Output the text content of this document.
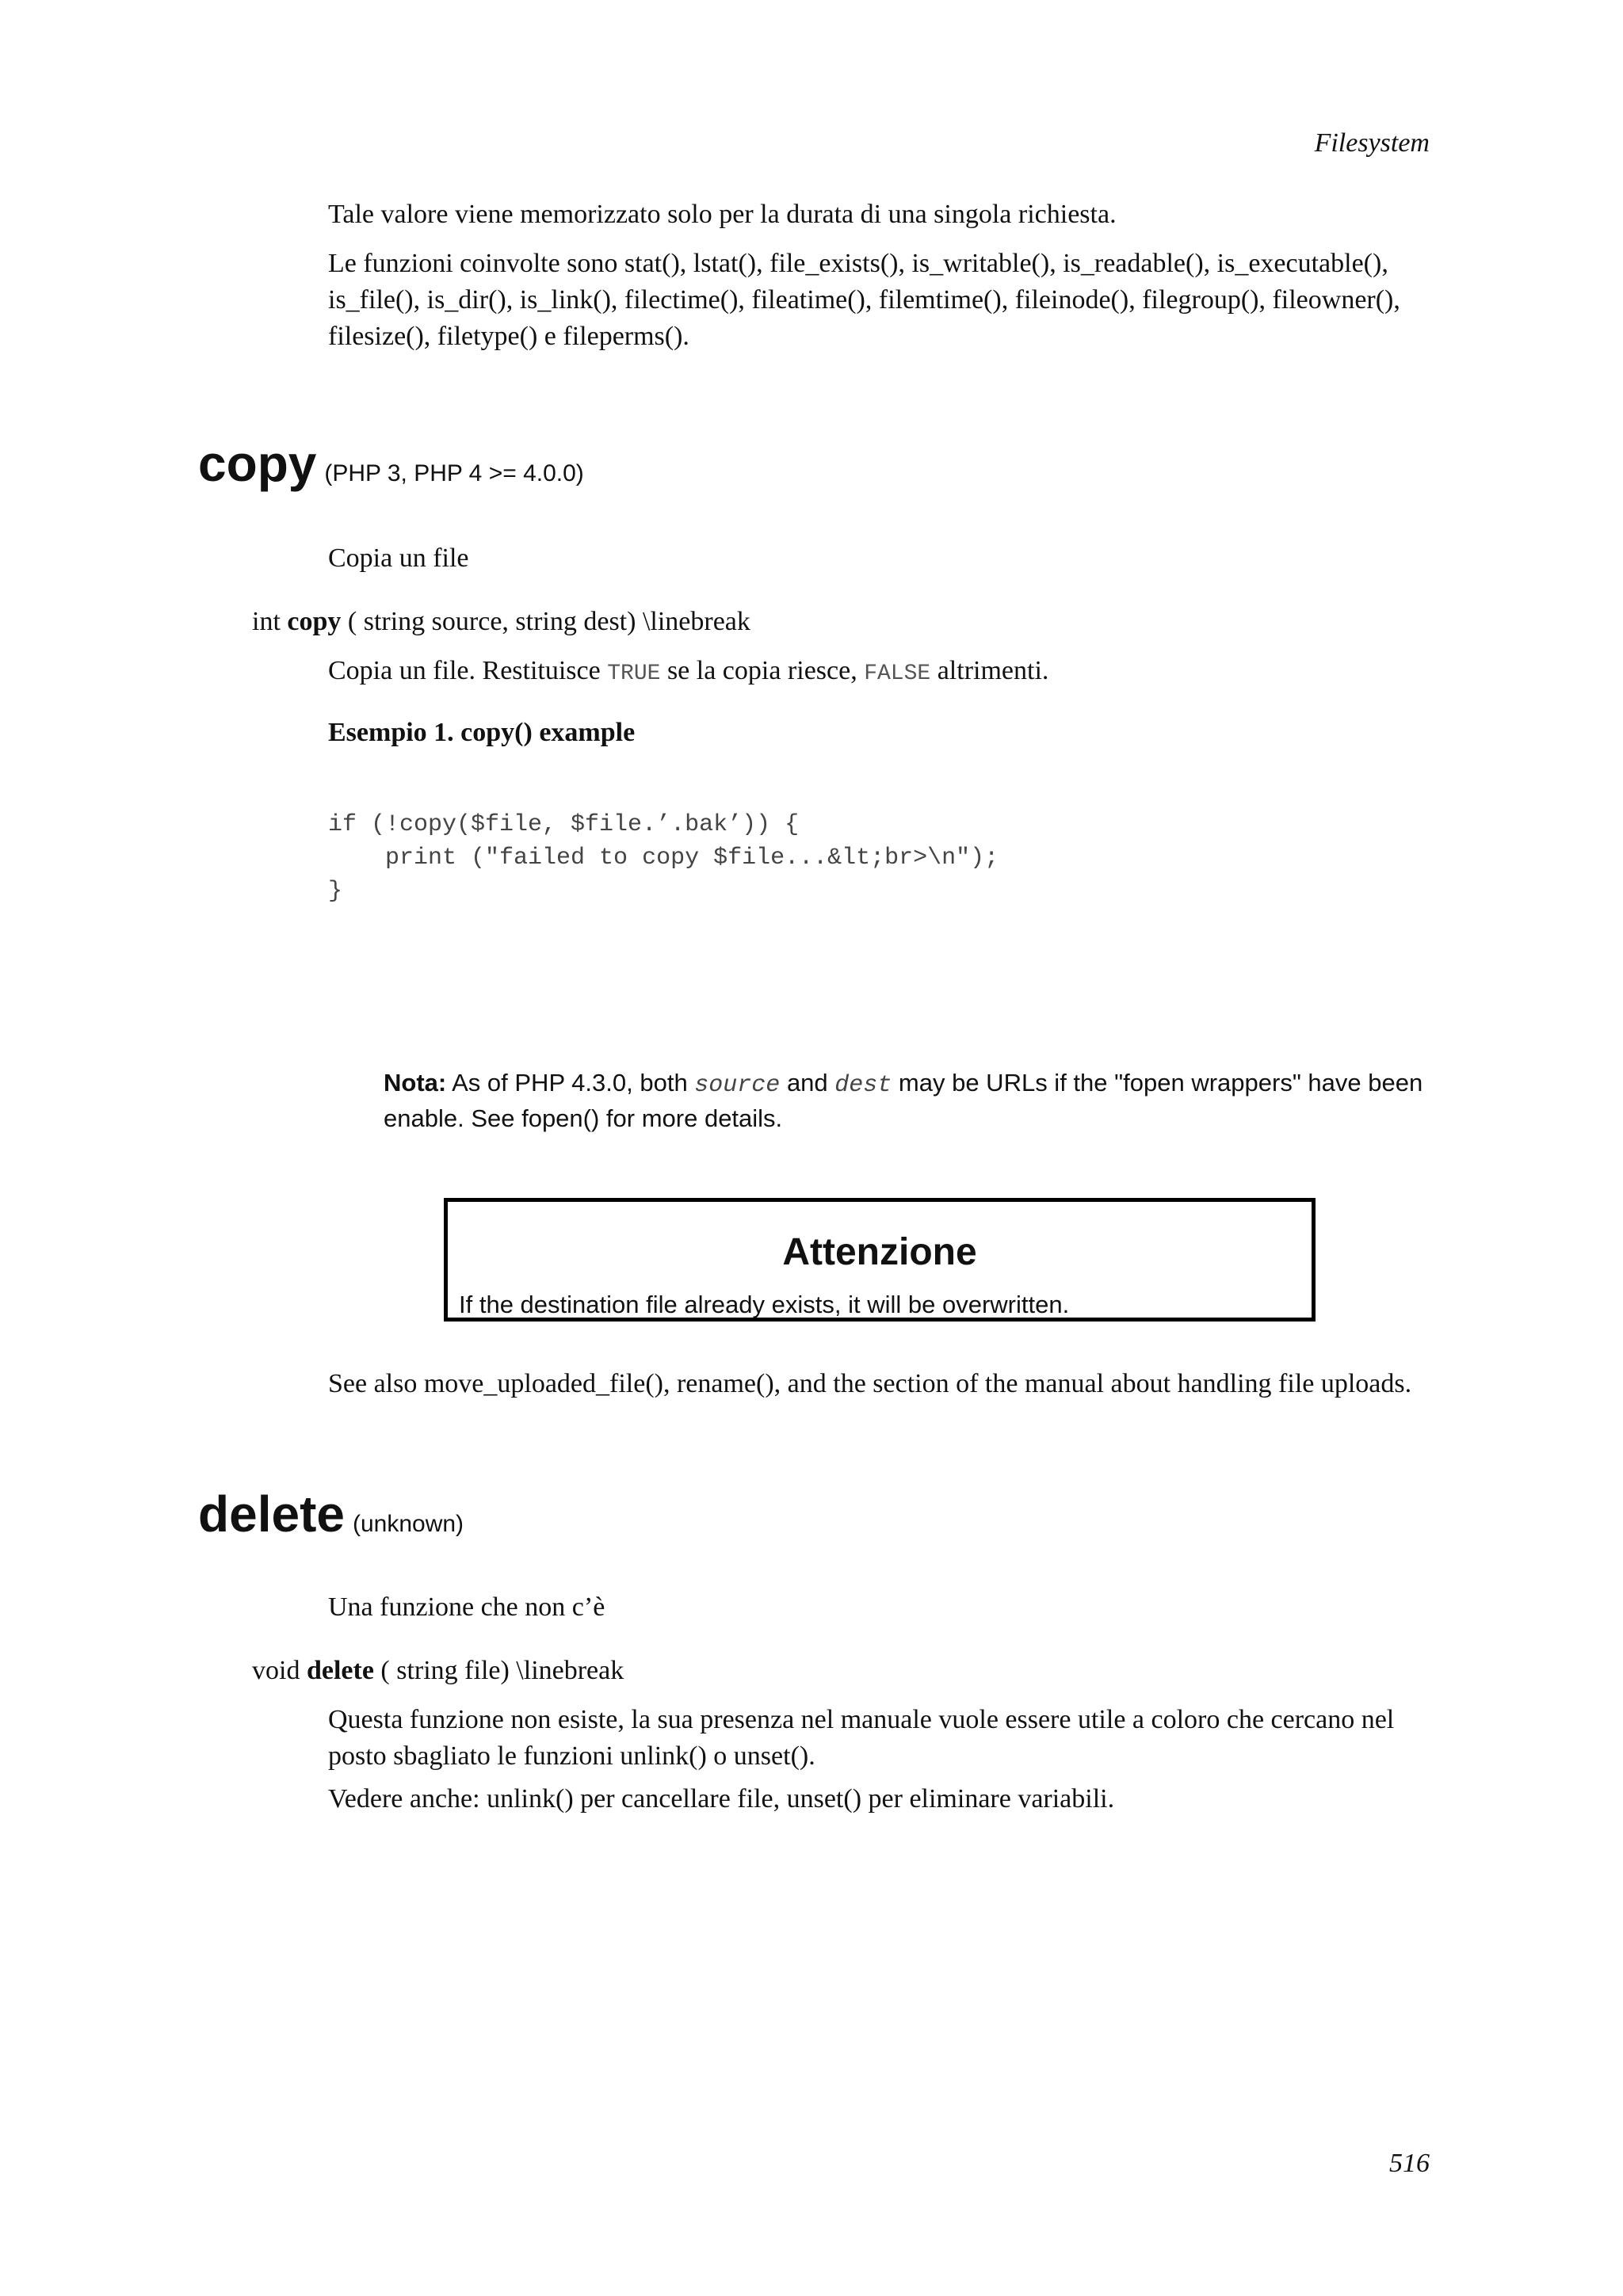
Filesystem

Tale valore viene memorizzato solo per la durata di una singola richiesta.

Le funzioni coinvolte sono stat(), lstat(), file_exists(), is_writable(), is_readable(), is_executable(), is_file(), is_dir(), is_link(), filectime(), fileatime(), filemtime(), fileinode(), filegroup(), fileowner(), filesize(), filetype() e fileperms().

copy (PHP 3, PHP 4 >= 4.0.0)

Copia un file

int copy ( string source, string dest) \linebreak

Copia un file. Restituisce TRUE se la copia riesce, FALSE altrimenti.

Esempio 1. copy() example
if (!copy($file, $file.’.bak’)) {
print ("failed to copy $file...&lt;br>\n");
}

Nota: As of PHP 4.3.0, both source and dest may be URLs if the "fopen wrappers" have been enable. See fopen() for more details.

Attenzione
If the destination file already exists, it will be overwritten.

See also move_uploaded_file(), rename(), and the section of the manual about handling file uploads.

delete (unknown)

Una funzione che non c’è

void delete ( string file) \linebreak

Questa funzione non esiste, la sua presenza nel manuale vuole essere utile a coloro che cercano nel posto sbagliato le funzioni unlink() o unset().

Vedere anche: unlink() per cancellare file, unset() per eliminare variabili.

516
